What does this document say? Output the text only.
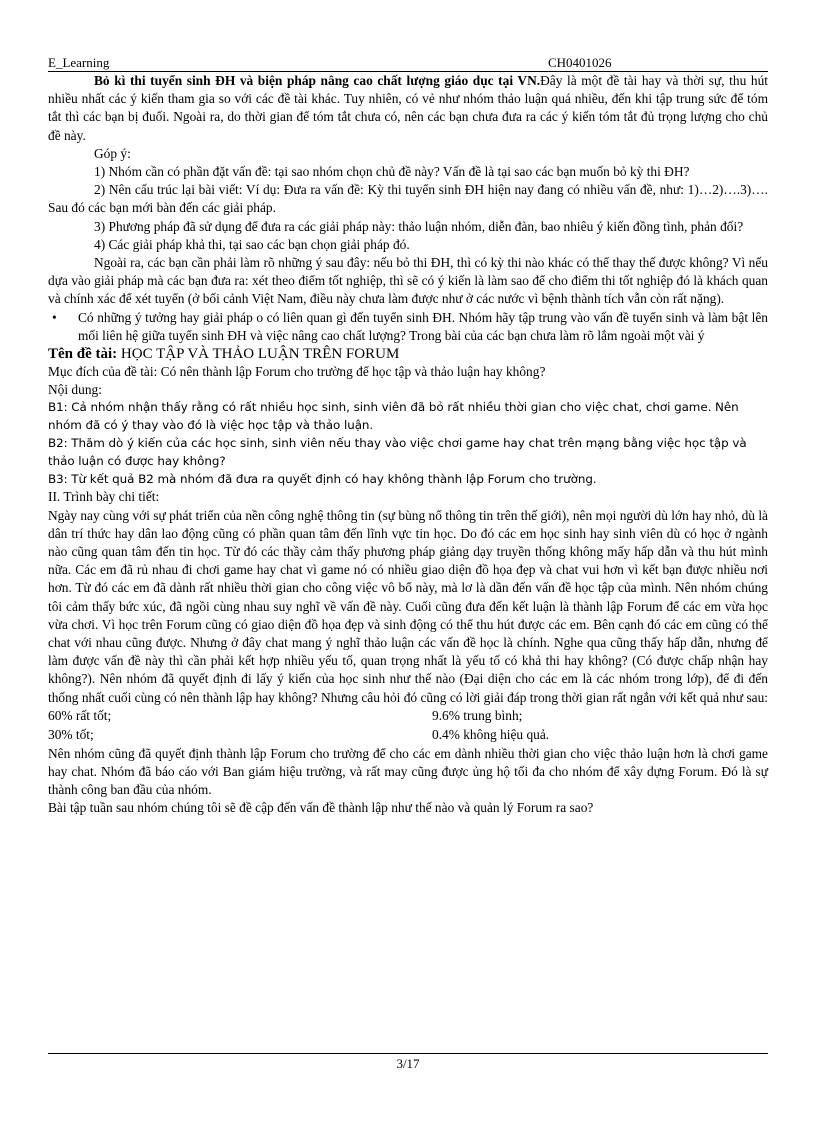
E_Learning	CH0401026

Bỏ kì thi tuyển sinh ĐH và biện pháp nâng cao chất lượng giáo dục tại VN.Đây là một đề tài hay và thời sự, thu hút nhiều nhất các ý kiến tham gia so với các đề tài khác. Tuy nhiên, có vẻ như nhóm thảo luận quá nhiều, đến khi tập trung sức để tóm tắt thì các bạn bị đuối. Ngoài ra, do thời gian để tóm tắt chưa có, nên các bạn chưa đưa ra các ý kiến tóm tắt đủ trọng lượng cho chủ đề này.

Góp ý:

1) Nhóm cần có phần đặt vấn đề: tại sao nhóm chọn chủ đề này? Vấn đề là tại sao các bạn muốn bỏ kỳ thi ĐH?

2) Nên cấu trúc lại bài viết: Ví dụ: Đưa ra vấn đề: Kỳ thi tuyển sinh ĐH hiện nay đang có nhiều vấn đề, như: 1)…2)….3)…. Sau đó các bạn mới bàn đến các giải pháp.

3) Phương pháp đã sử dụng để đưa ra các giải pháp này: thảo luận nhóm, diễn đàn, bao nhiêu ý kiến đồng tình, phản đối?

4) Các giải pháp khả thi, tại sao các bạn chọn giải pháp đó.

Ngoài ra, các bạn cần phải làm rõ những ý sau đây: nếu bỏ thi ĐH, thì có kỳ thi nào khác có thể thay thế được không? Vì nếu dựa vào giải pháp mà các bạn đưa ra: xét theo điểm tốt nghiệp, thì sẽ có ý kiến là làm sao để cho điểm thi tốt nghiệp đó là khách quan và chính xác để xét tuyển (ở bối cảnh Việt Nam, điều này chưa làm được như ở các nước vì bệnh thành tích vẫn còn rất nặng).

• Có những ý tưởng hay giải pháp o có liên quan gì đến tuyển sinh ĐH. Nhóm hãy tập trung vào vấn đề tuyển sinh và làm bật lên mối liên hệ giữa tuyển sinh ĐH và việc nâng cao chất lượng? Trong bài của các bạn chưa làm rõ lắm ngoài một vài ý

Tên đề tài: HỌC TẬP VÀ THẢO LUẬN TRÊN FORUM

Mục đích của đề tài: Có nên thành lập Forum cho trường để học tập và thảo luận hay không?

Nội dung:

B1: Cả nhóm nhận thấy rằng có rất nhiều học sinh, sinh viên đã bỏ rất nhiều thời gian cho việc chat, chơi game. Nên nhóm đã có ý thay vào đó là việc học tập và thảo luận.

B2: Thăm dò ý kiến của các học sinh, sinh viên nếu thay vào việc chơi game hay chat trên mạng bằng việc học tập và thảo luận có được hay không?

B3: Từ kết quả B2 mà nhóm đã đưa ra quyết định có hay không thành lập Forum cho trường.

II. Trình bày chi tiết:

Ngày nay cùng với sự phát triển của nền công nghệ thông tin (sự bùng nổ thông tin trên thế giới), nên mọi người dù lớn hay nhỏ, dù là dân trí thức hay dân lao động cũng có phần quan tâm đến lĩnh vực tin học. Do đó các em học sinh hay sinh viên dù có học ở ngành nào cũng quan tâm đến tin học. Từ đó các thầy cảm thấy phương pháp giảng dạy truyền thống không mấy hấp dẫn và thu hút mình nữa. Các em đã rủ nhau đi chơi game hay chat vì game nó có nhiều giao diện đồ họa đẹp và chat vui hơn vì kết bạn được nhiều nơi hơn. Từ đó các em đã dành rất nhiều thời gian cho công việc vô bổ này, mà lơ là dần đến vấn đề học tập của mình. Nên nhóm chúng tôi cảm thấy bức xúc, đã ngồi cùng nhau suy nghĩ về vấn đề này. Cuối cũng đưa đến kết luận là thành lập Forum để các em vừa học vừa chơi. Vì học trên Forum cũng có giao diện đồ họa đẹp và sinh động có thể thu hút được các em. Bên cạnh đó các em cũng có thể chat với nhau cũng được. Nhưng ở đây chat mang ý nghĩ thảo luận các vấn đề học là chính. Nghe qua cũng thấy hấp dẫn, nhưng để làm được vấn đề này thì cần phải kết hợp nhiều yếu tố, quan trọng nhất là yếu tố có khả thi hay không? (Có được chấp nhận hay không?). Nên nhóm đã quyết định đi lấy ý kiến của học sinh như thế nào (Đại diện cho các em là các nhóm trong lớp), để đi đến thống nhất cuối cùng có nên thành lập hay không? Nhưng câu hỏi đó cũng có lời giải đáp trong thời gian rất ngắn với kết quả như sau:

60% rất tốt;	9.6% trung bình;
30% tốt;	0.4% không hiệu quả.

Nên nhóm cũng đã quyết định thành lập Forum cho trường để cho các em dành nhiều thời gian cho việc thảo luận hơn là chơi game hay chat. Nhóm đã báo cáo với Ban giám hiệu trường, và rất may cũng được ủng hộ tối đa cho nhóm để xây dựng Forum. Đó là sự thành công ban đầu của nhóm.

Bài tập tuần sau nhóm chúng tôi sẽ đề cập đến vấn đề thành lập như thế nào và quản lý Forum ra sao?

3/17
